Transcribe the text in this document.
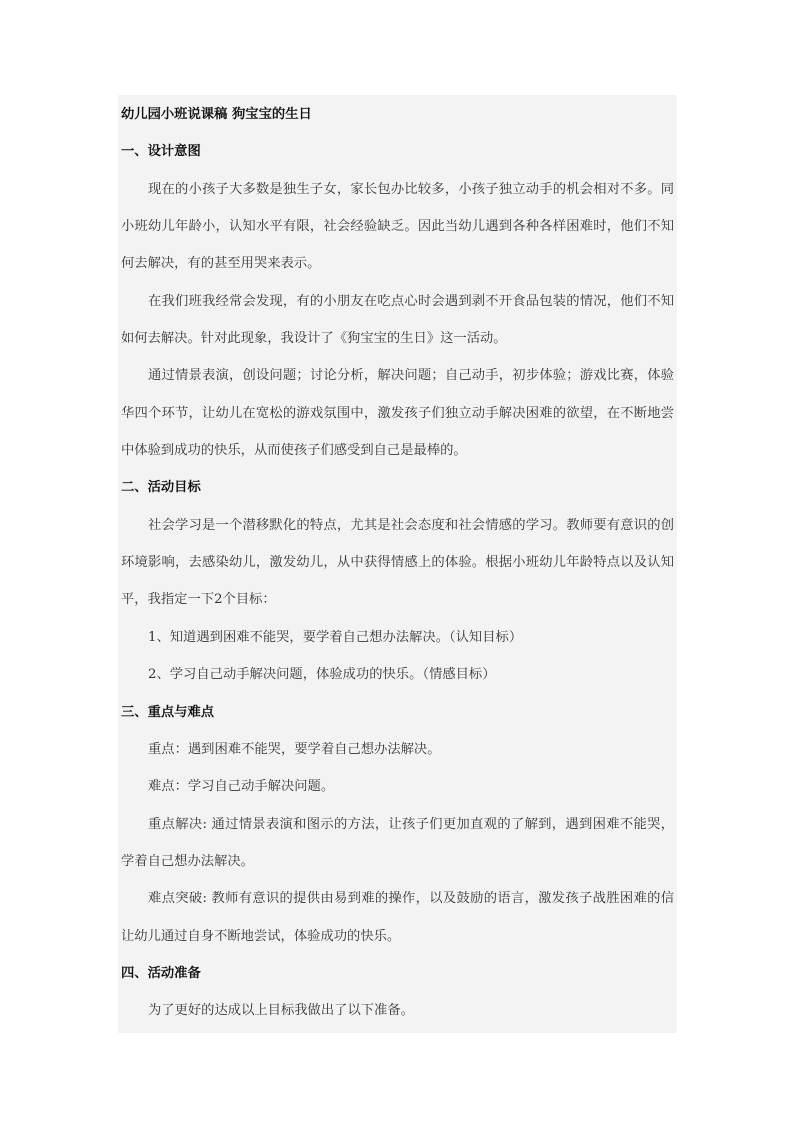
幼儿园小班说课稿 狗宝宝的生日
一、设计意图
现在的小孩子大多数是独生子女，家长包办比较多，小孩子独立动手的机会相对不多。同
小班幼儿年龄小，认知水平有限，社会经验缺乏。因此当幼儿遇到各种各样困难时，他们不知
何去解决，有的甚至用哭来表示。
在我们班我经常会发现，有的小朋友在吃点心时会遇到剥不开食品包装的情况，他们不知
如何去解决。针对此现象，我设计了《狗宝宝的生日》这一活动。
通过情景表演，创设问题；讨论分析，解决问题；自己动手，初步体验；游戏比赛，体验
华四个环节，让幼儿在宽松的游戏氛围中，激发孩子们独立动手解决困难的欲望，在不断地尝
中体验到成功的快乐，从而使孩子们感受到自己是最棒的。
二、活动目标
社会学习是一个潜移默化的特点，尤其是社会态度和社会情感的学习。教师要有意识的创
环境影响，去感染幼儿，激发幼儿，从中获得情感上的体验。根据小班幼儿年龄特点以及认知
平，我指定一下2个目标：
1、知道遇到困难不能哭，要学着自己想办法解决。（认知目标）
2、学习自己动手解决问题，体验成功的快乐。（情感目标）
三、重点与难点
重点：遇到困难不能哭，要学着自己想办法解决。
难点：学习自己动手解决问题。
重点解决: 通过情景表演和图示的方法，让孩子们更加直观的了解到，遇到困难不能哭，
学着自己想办法解决。
难点突破: 教师有意识的提供由易到难的操作，以及鼓励的语言，激发孩子战胜困难的信
让幼儿通过自身不断地尝试，体验成功的快乐。
四、活动准备
为了更好的达成以上目标我做出了以下准备。
